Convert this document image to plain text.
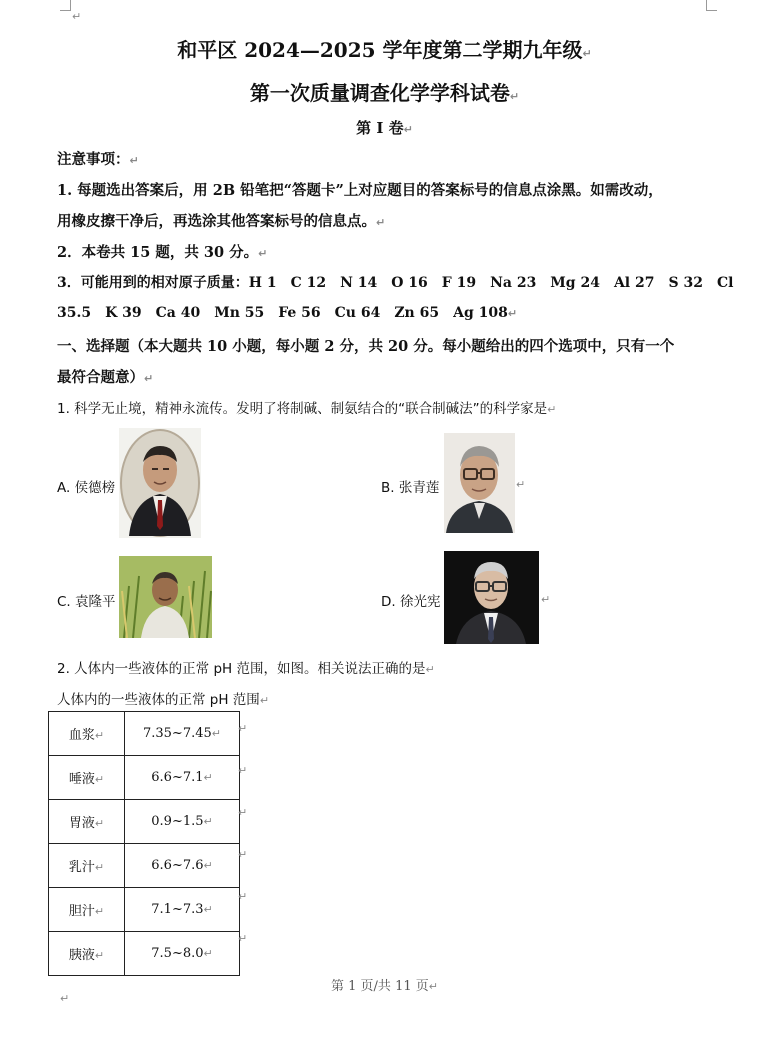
↵
和平区 2024—2025 学年度第二学期九年级↵
第一次质量调查化学学科试卷↵
第 I 卷↵
注意事项：↵
1. 每题选出答案后，用 2B 铅笔把“答题卡”上对应题目的答案标号的信息点涂黑。如需改动，
用橡皮擦干净后，再选涂其他答案标号的信息点。↵
2．本卷共 15 题，共 30 分。↵
3．可能用到的相对原子质量：H 1　C 12　N 14　O 16　F 19　Na 23　Mg 24　Al 27　S 32　Cl
35.5　K 39　Ca 40　Mn 55　Fe 56　Cu 64　Zn 65　Ag 108↵
一、选择题（本大题共 10 小题，每小题 2 分，共 20 分。每小题给出的四个选项中，只有一个
最符合题意）↵
1. 科学无止境，精神永流传。发明了将制碱、制氨结合的“联合制碱法”的科学家是↵
A. 侯德榜	B. 张青莲	↵
C. 袁隆平	D. 徐光宪	↵
2. 人体内一些液体的正常 pH 范围，如图。相关说法正确的是↵
人体内的一些液体的正常 pH 范围↵
血浆↵	7.35~7.45↵
唾液↵	6.6~7.1↵
胃液↵	0.9~1.5↵
乳汁↵	6.6~7.6↵
胆汁↵	7.1~7.3↵
胰液↵	7.5~8.0↵
↵
↵
↵
↵
↵
↵
第 1 页/共 11 页↵
↵
